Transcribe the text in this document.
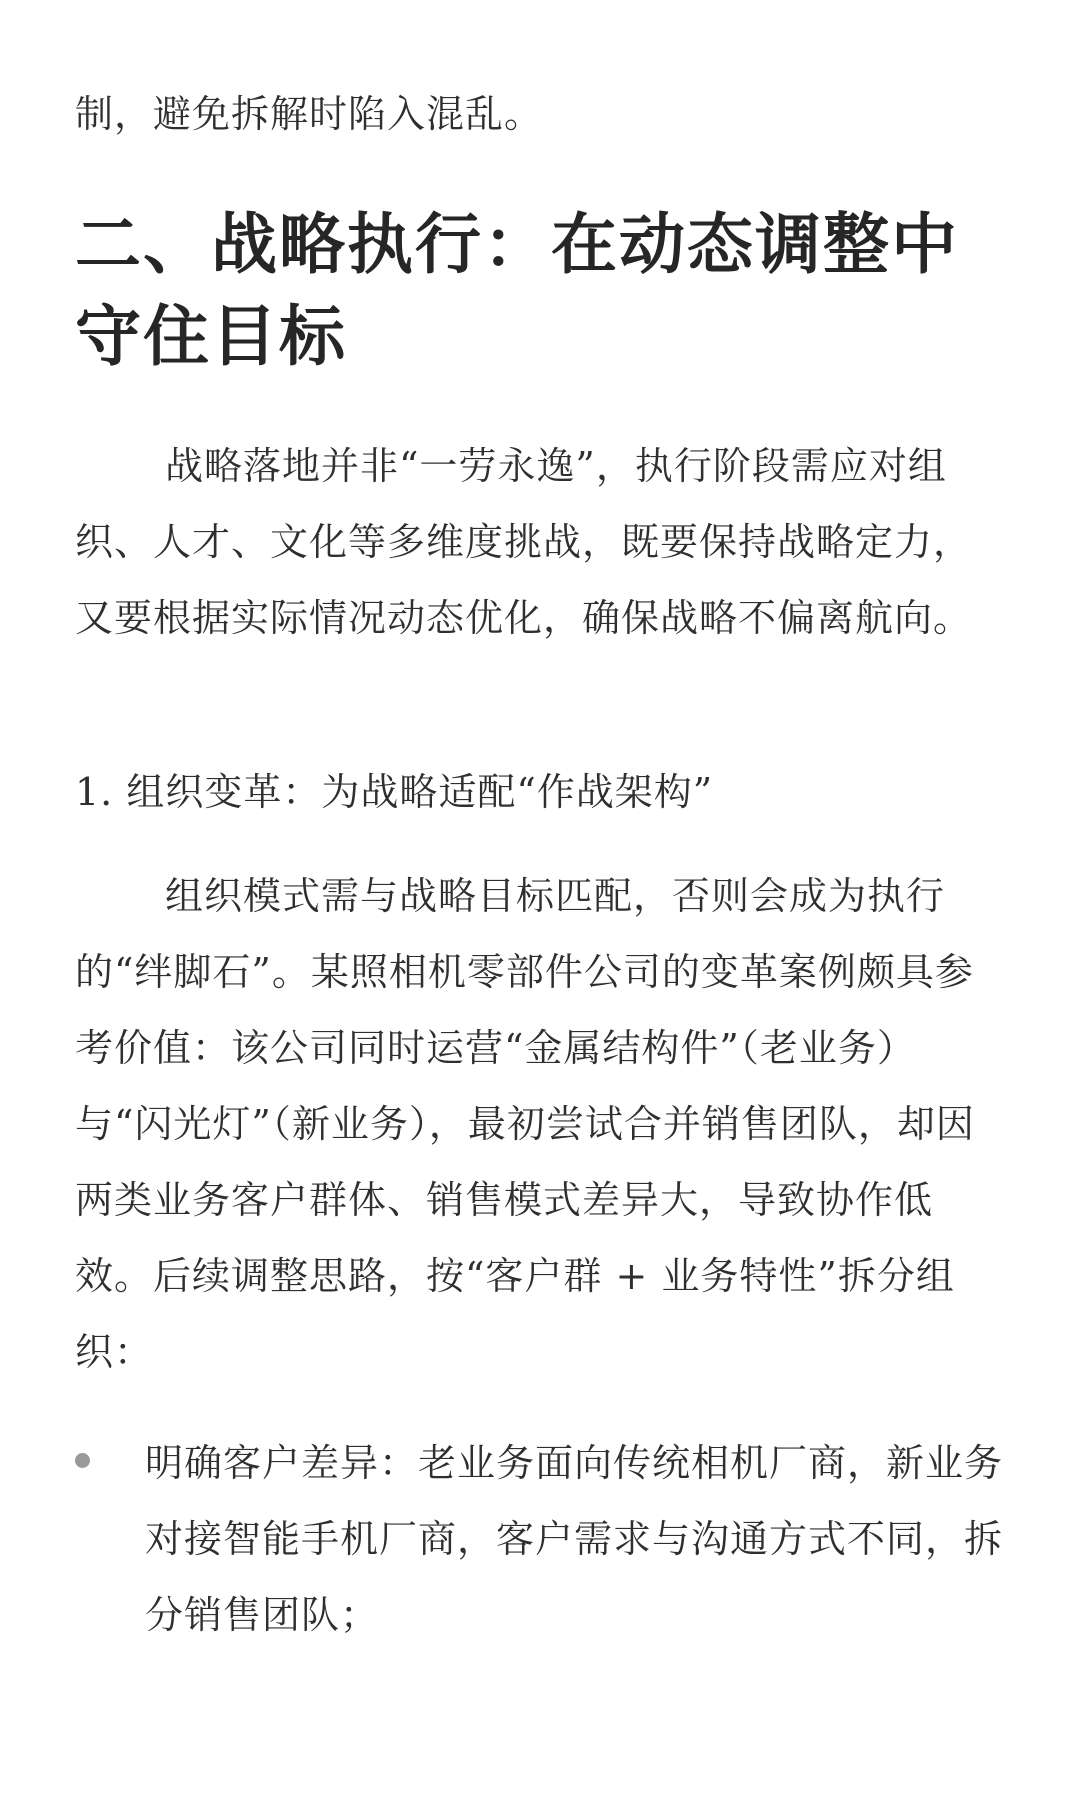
制，避免拆解时陷入混乱。

二、战略执行：在动态调整中守住目标

战略落地并非“一劳永逸”，执行阶段需应对组织、人才、文化等多维度挑战，既要保持战略定力，又要根据实际情况动态优化，确保战略不偏离航向。

1. 组织变革：为战略适配“作战架构”

组织模式需与战略目标匹配，否则会成为执行的“绊脚石”。某照相机零部件公司的变革案例颇具参考价值：该公司同时运营“金属结构件”（老业务）与“闪光灯”（新业务），最初尝试合并销售团队，却因两类业务客户群体、销售模式差异大，导致协作低效。后续调整思路，按“客户群 + 业务特性”拆分组织：

明确客户差异：老业务面向传统相机厂商，新业务对接智能手机厂商，客户需求与沟通方式不同，拆分销售团队；
